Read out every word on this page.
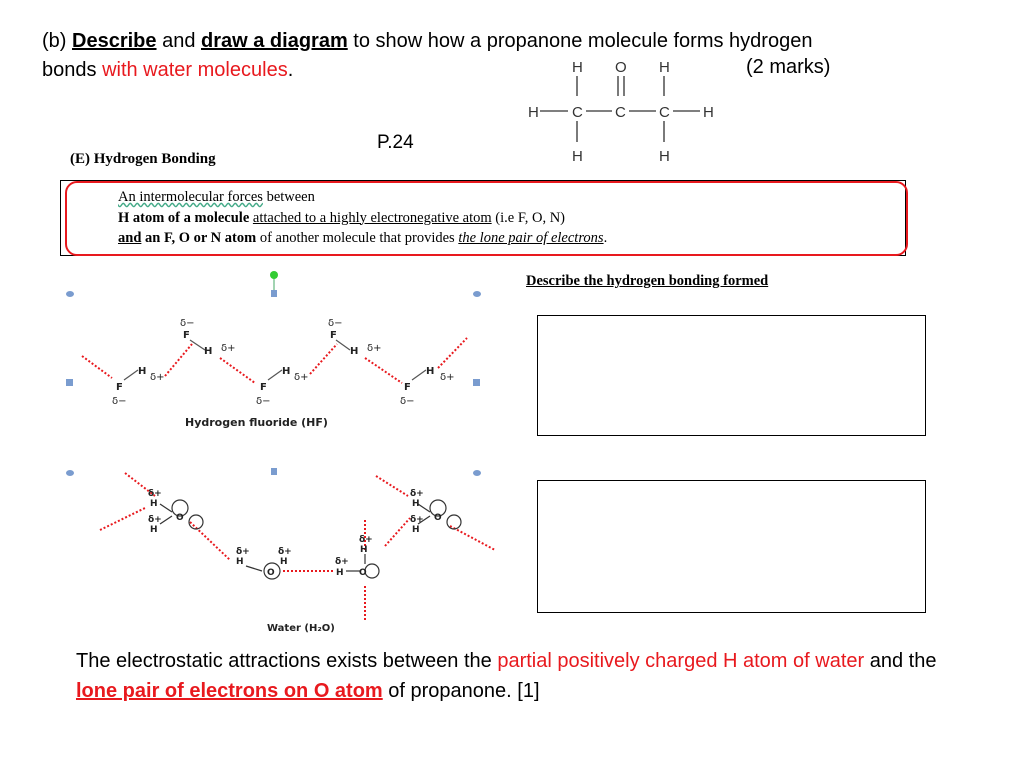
(b) Describe and draw a diagram to show how a propanone molecule forms hydrogen
bonds with water molecules.	(2 marks)
H O H
H C C C H
H	H
P.24
(E) Hydrogen Bonding
An intermolecular forces between
H atom of a molecule attached to a highly electronegative atom (i.e F, O, N)
and an F, O or N atom of another molecule that provides the lone pair of electrons.
Describe the hydrogen bonding formed
F
δ−
H
δ+
δ−
F
H δ+
F
δ−
H
δ+
δ−
F
H δ+
F
δ−
H
δ+
Hydrogen fluoride (HF)
δ+
H
δ+
H
O
δ+
H
O
δ+
H	δ+
H
δ+
H
O
δ+
H
δ+
H
O
Water (H₂O)
The electrostatic attractions exists between the partial positively charged H atom of water and the lone pair of electrons on O atom of propanone. [1]
